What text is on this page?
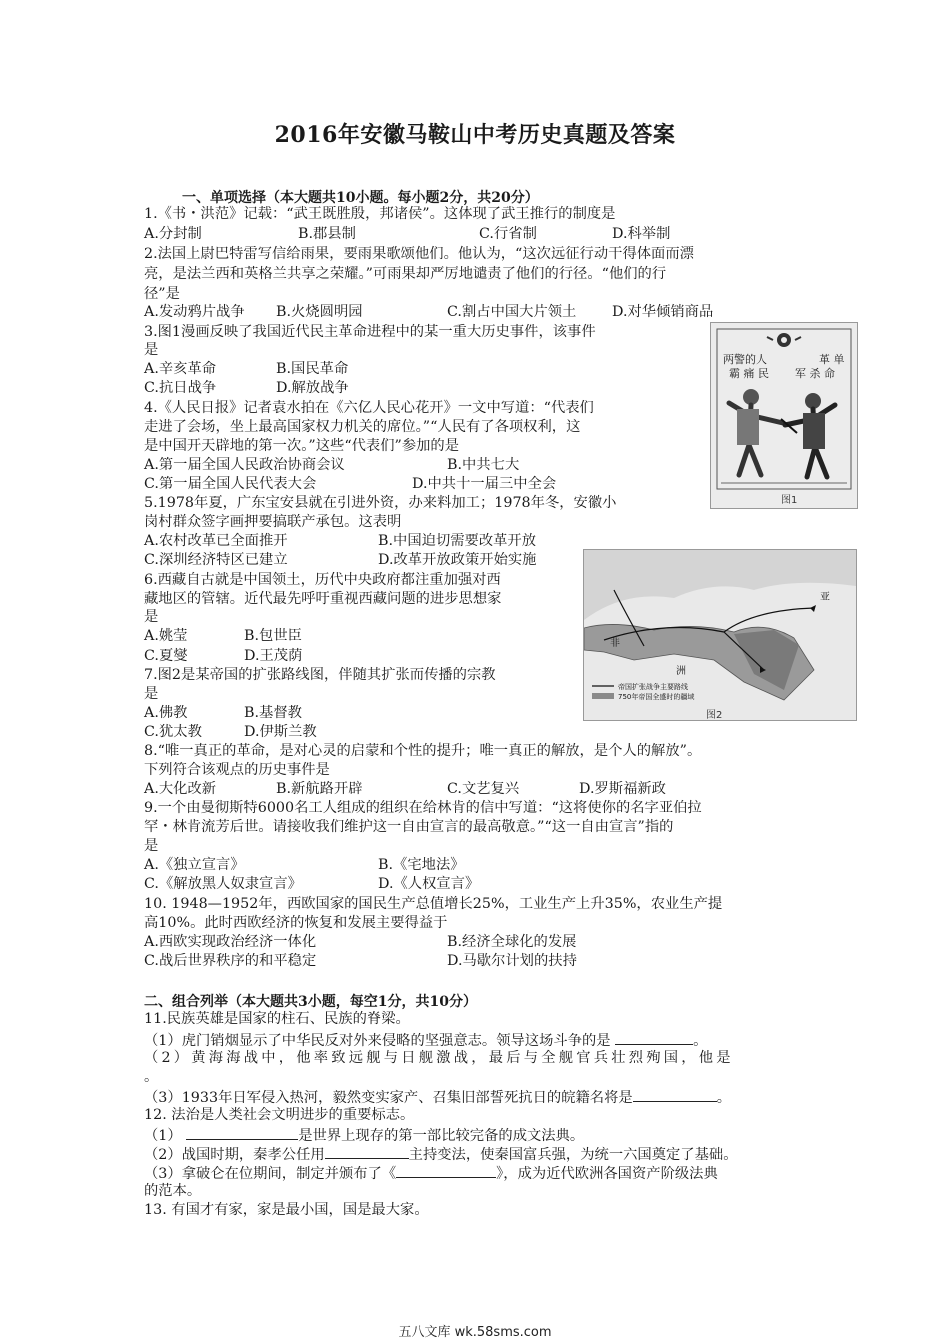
2016年安徽马鞍山中考历史真题及答案
一、单项选择（本大题共10小题。每小题2分，共20分）
1.《书・洪范》记载：“武王既胜殷，邦诸侯”。这体现了武王推行的制度是
A.分封制	B.郡县制	C.行省制	D.科举制
2.法国上尉巴特雷写信给雨果，要雨果歌颂他们。他认为，“这次远征行动干得体面而漂
亮，是法兰西和英格兰共享之荣耀。”可雨果却严厉地谴责了他们的行径。“他们的行
径”是
A.发动鸦片战争 B.火烧圆明园	C.割占中国大片领土 D.对华倾销商品
3.图1漫画反映了我国近代民主革命进程中的某一重大历史事件，该事件
是
A.辛亥革命	B.国民革命
C.抗日战争	D.解放战争
4.《人民日报》记者袁水拍在《六亿人民心花开》一文中写道：“代表们
走进了会场，坐上最高国家权力机关的席位。”“人民有了各项权利，这
是中国开天辟地的第一次。”这些“代表们”参加的是
A.第一届全国人民政治协商会议	B.中共七大
C.第一届全国人民代表大会	D.中共十一届三中全会
5.1978年夏，广东宝安县就在引进外资，办来料加工；1978年冬，安徽小
岗村群众签字画押要搞联产承包。这表明
A.农村改革已全面推开	B.中国迫切需要改革开放
C.深圳经济特区已建立	D.改革开放政策开始实施
6.西藏自古就是中国领土，历代中央政府都注重加强对西
藏地区的管辖。近代最先呼吁重视西藏问题的进步思想家
是
A.姚莹	B.包世臣
C.夏燮	D.王茂荫
7.图2是某帝国的扩张路线图，伴随其扩张而传播的宗教
是
A.佛教	B.基督教
C.犹太教	D.伊斯兰教
8.“唯一真正的革命，是对心灵的启蒙和个性的提升；唯一真正的解放，是个人的解放”。
下列符合该观点的历史事件是
A.大化改新	B.新航路开辟	C.文艺复兴	D.罗斯福新政
9.一个由曼彻斯特6000名工人组成的组织在给林肯的信中写道：“这将使你的名字亚伯拉
罕・林肯流芳后世。请接收我们维护这一自由宣言的最高敬意。”“这一自由宣言”指的
是
A.《独立宣言》	B.《宅地法》
C.《解放黑人奴隶宣言》	D.《人权宣言》
10. 1948—1952年，西欧国家的国民生产总值增长25%，工业生产上升35%，农业生产提
高10%。此时西欧经济的恢复和发展主要得益于
A.西欧实现政治经济一体化	B.经济全球化的发展
C.战后世界秩序的和平稳定	D.马歇尔计划的扶持
二、组合列举（本大题共3小题，每空1分，共10分）
11.民族英雄是国家的柱石、民族的脊梁。
（1）虎门销烟显示了中华民反对外来侵略的坚强意志。领导这场斗争的是	。
（2）黄海海战中，他率致远舰与日舰激战，最后与全舰官兵壮烈殉国，他是
。
（3）1933年日军侵入热河，毅然变实家产、召集旧部誓死抗日的皖籍名将是	。
12. 法治是人类社会文明进步的重要标志。
（1）	是世界上现存的第一部比较完备的成文法典。
（2）战国时期，秦孝公任用	主持变法，使秦国富兵强，为统一六国奠定了基础。
（3）拿破仑在位期间，制定并颁布了《	》，成为近代欧洲各国资产阶级法典
的范本。
13. 有国才有家，家是最小国，国是最大家。
两警的人
霸 痛 民
革 单
军 杀 命
图1
非
洲
亚
帝国扩张战争主要路线
750年帝国全盛时的疆域
图2
五八文库 wk.58sms.com
